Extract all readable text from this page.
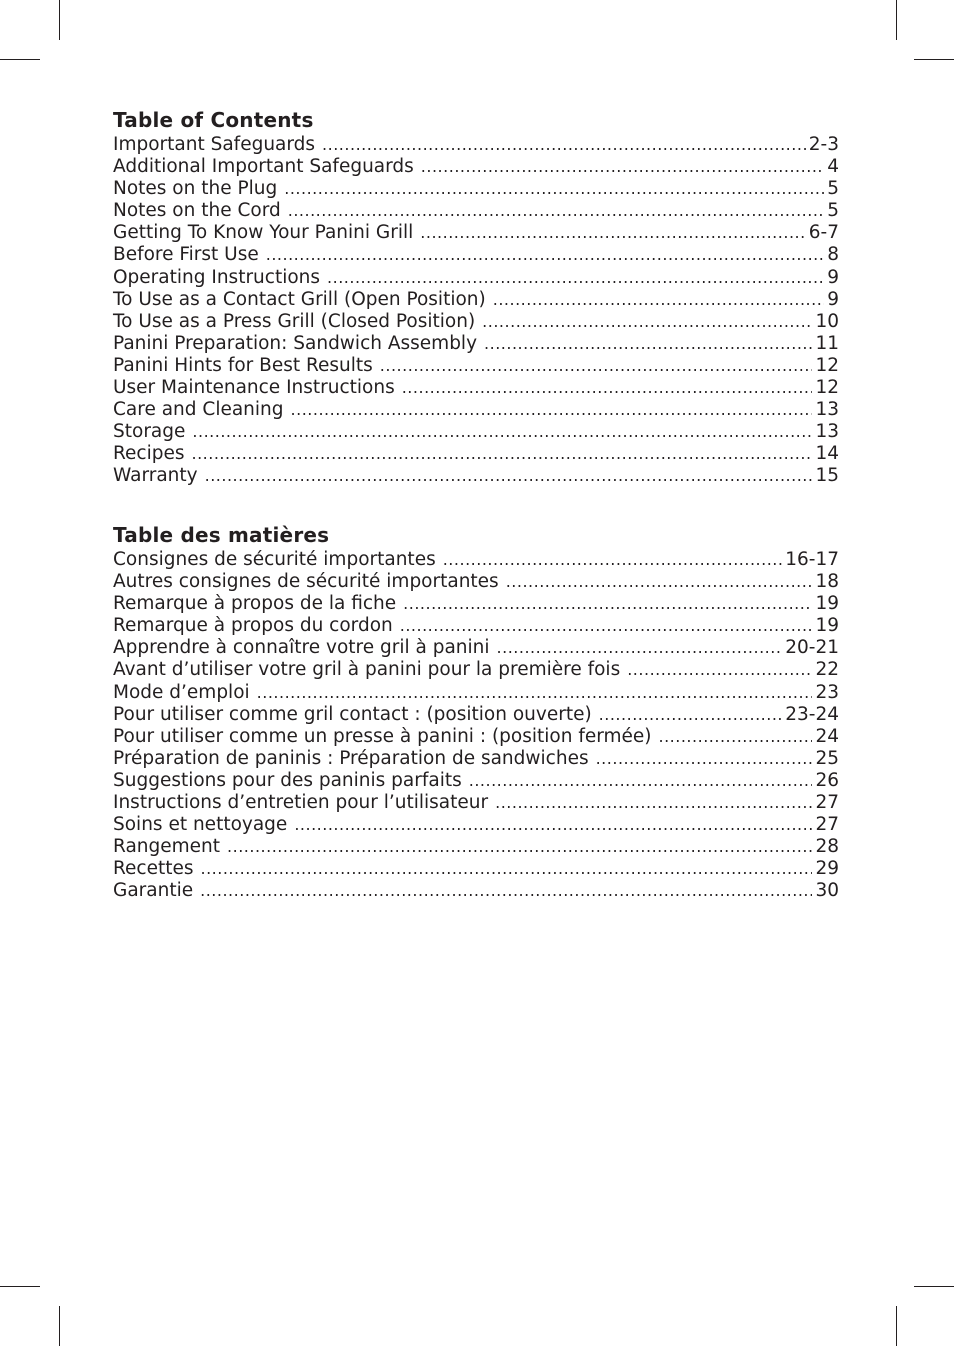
Table of Contents
Important Safeguards .....	2-3
Additional Important Safeguards .....	4
Notes on the Plug .....	5
Notes on the Cord .....	5
Getting To Know Your Panini Grill .....	6-7
Before First Use .....	8
Operating Instructions .....	9
To Use as a Contact Grill (Open Position) .....	9
To Use as a Press Grill (Closed Position) .....	10
Panini Preparation: Sandwich Assembly .....	11
Panini Hints for Best Results .....	12
User Maintenance Instructions .....	12
Care and Cleaning .....	13
Storage .....	13
Recipes .....	14
Warranty .....	15
Table des matières
Consignes de sécurité importantes .....	16-17
Autres consignes de sécurité importantes .....	18
Remarque à propos de la fiche .....	19
Remarque à propos du cordon .....	19
Apprendre à connaître votre gril à panini .....	20-21
Avant d’utiliser votre gril à panini pour la première fois .....	22
Mode d’emploi .....	23
Pour utiliser comme gril contact : (position ouverte) .....	23-24
Pour utiliser comme un presse à panini : (position fermée) .....	24
Préparation de paninis : Préparation de sandwiches .....	25
Suggestions pour des paninis parfaits .....	26
Instructions d’entretien pour l’utilisateur .....	27
Soins et nettoyage .....	27
Rangement .....	28
Recettes .....	29
Garantie .....	30
